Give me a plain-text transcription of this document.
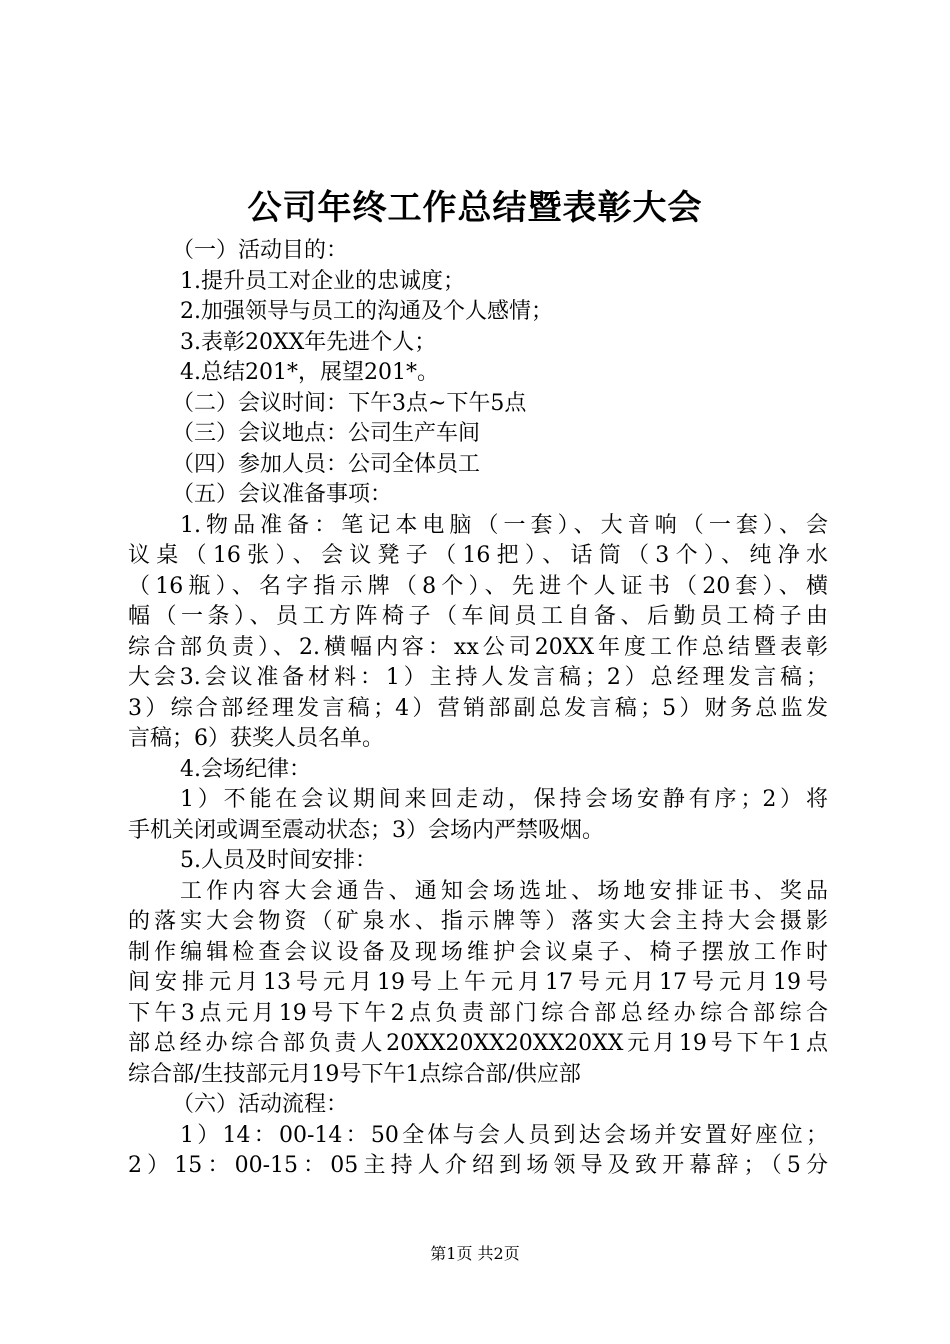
公司年终工作总结暨表彰大会
（一）活动目的：
1.提升员工对企业的忠诚度；
2.加强领导与员工的沟通及个人感情；
3.表彰20XX年先进个人；
4.总结201*，展望201*。
（二）会议时间：下午3点~下午5点
（三）会议地点：公司生产车间
（四）参加人员：公司全体员工
（五）会议准备事项：
1.物品准备：笔记本电脑（一套）、大音响（一套）、会
议桌（16张）、会议凳子（16把）、话筒（3个）、纯净水
（16瓶）、名字指示牌（8个）、先进个人证书（20套）、横
幅（一条）、员工方阵椅子（车间员工自备、后勤员工椅子由
综合部负责）、2.横幅内容：xx公司20XX年度工作总结暨表彰
大会3.会议准备材料：1）主持人发言稿；2）总经理发言稿；
3）综合部经理发言稿；4）营销部副总发言稿；5）财务总监发
言稿；6）获奖人员名单。
4.会场纪律：
1）不能在会议期间来回走动，保持会场安静有序；2）将
手机关闭或调至震动状态；3）会场内严禁吸烟。
5.人员及时间安排：
工作内容大会通告、通知会场选址、场地安排证书、奖品
的落实大会物资（矿泉水、指示牌等）落实大会主持大会摄影
制作编辑检查会议设备及现场维护会议桌子、椅子摆放工作时
间安排元月13号元月19号上午元月17号元月17号元月19号
下午3点元月19号下午2点负责部门综合部总经办综合部综合
部总经办综合部负责人20XX20XX20XX20XX元月19号下午1点
综合部/生技部元月19号下午1点综合部/供应部
（六）活动流程：
1）14：00-14：50全体与会人员到达会场并安置好座位；
2）15：00-15：05主持人介绍到场领导及致开幕辞；（5分
第1页 共2页
